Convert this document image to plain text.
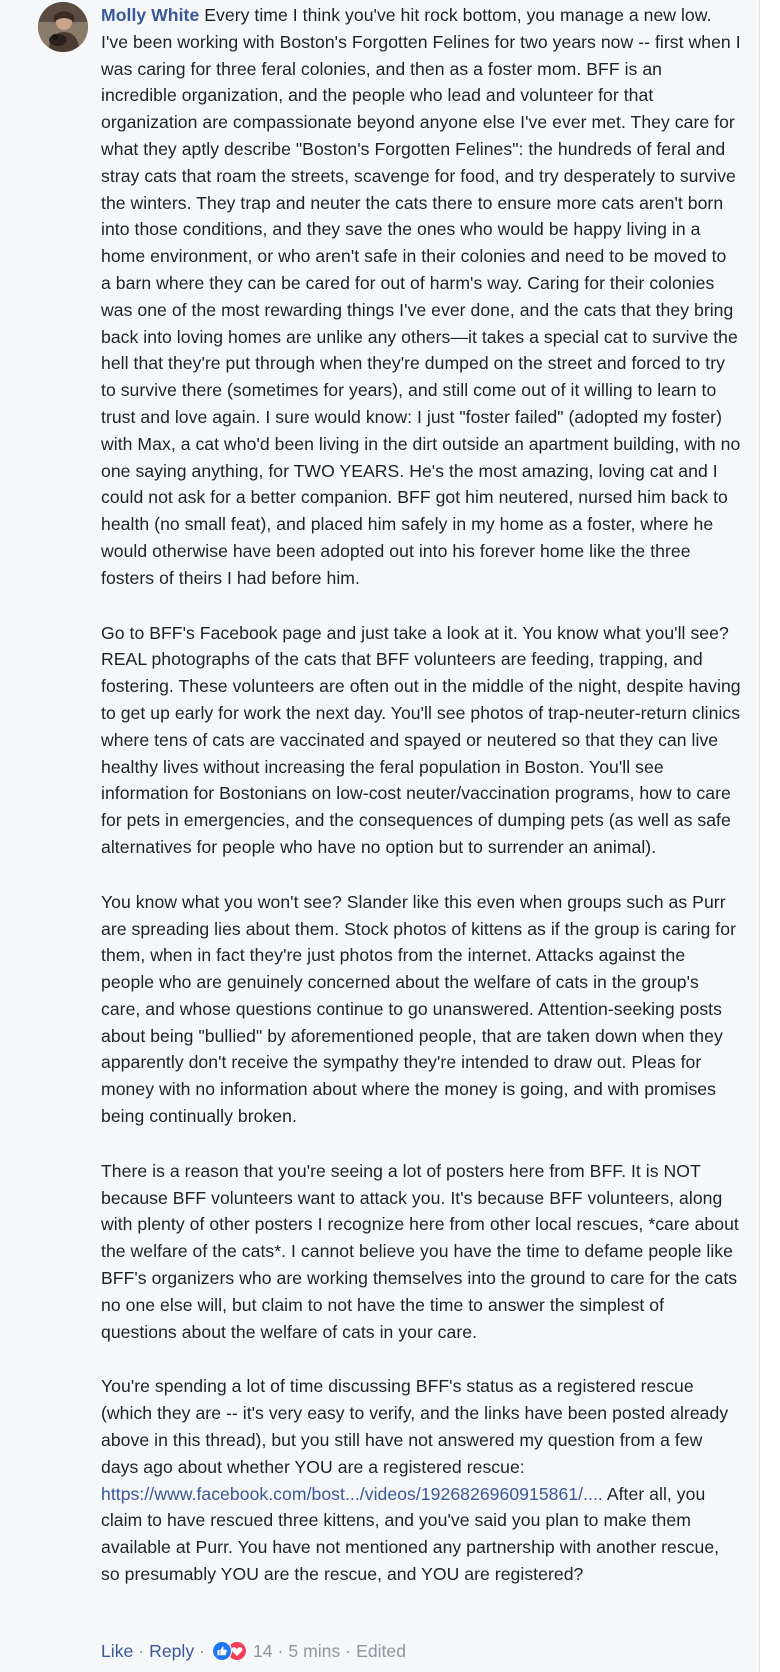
Molly White Every time I think you've hit rock bottom, you manage a new low. I've been working with Boston's Forgotten Felines for two years now -- first when I was caring for three feral colonies, and then as a foster mom. BFF is an incredible organization, and the people who lead and volunteer for that organization are compassionate beyond anyone else I've ever met. They care for what they aptly describe "Boston's Forgotten Felines": the hundreds of feral and stray cats that roam the streets, scavenge for food, and try desperately to survive the winters. They trap and neuter the cats there to ensure more cats aren't born into those conditions, and they save the ones who would be happy living in a home environment, or who aren't safe in their colonies and need to be moved to a barn where they can be cared for out of harm's way. Caring for their colonies was one of the most rewarding things I've ever done, and the cats that they bring back into loving homes are unlike any others—it takes a special cat to survive the hell that they're put through when they're dumped on the street and forced to try to survive there (sometimes for years), and still come out of it willing to learn to trust and love again. I sure would know: I just "foster failed" (adopted my foster) with Max, a cat who'd been living in the dirt outside an apartment building, with no one saying anything, for TWO YEARS. He's the most amazing, loving cat and I could not ask for a better companion. BFF got him neutered, nursed him back to health (no small feat), and placed him safely in my home as a foster, where he would otherwise have been adopted out into his forever home like the three fosters of theirs I had before him.

Go to BFF's Facebook page and just take a look at it. You know what you'll see? REAL photographs of the cats that BFF volunteers are feeding, trapping, and fostering. These volunteers are often out in the middle of the night, despite having to get up early for work the next day. You'll see photos of trap-neuter-return clinics where tens of cats are vaccinated and spayed or neutered so that they can live healthy lives without increasing the feral population in Boston. You'll see information for Bostonians on low-cost neuter/vaccination programs, how to care for pets in emergencies, and the consequences of dumping pets (as well as safe alternatives for people who have no option but to surrender an animal).

You know what you won't see? Slander like this even when groups such as Purr are spreading lies about them. Stock photos of kittens as if the group is caring for them, when in fact they're just photos from the internet. Attacks against the people who are genuinely concerned about the welfare of cats in the group's care, and whose questions continue to go unanswered. Attention-seeking posts about being "bullied" by aforementioned people, that are taken down when they apparently don't receive the sympathy they're intended to draw out. Pleas for money with no information about where the money is going, and with promises being continually broken.

There is a reason that you're seeing a lot of posters here from BFF. It is NOT because BFF volunteers want to attack you. It's because BFF volunteers, along with plenty of other posters I recognize here from other local rescues, *care about the welfare of the cats*. I cannot believe you have the time to defame people like BFF's organizers who are working themselves into the ground to care for the cats no one else will, but claim to not have the time to answer the simplest of questions about the welfare of cats in your care.

You're spending a lot of time discussing BFF's status as a registered rescue (which they are -- it's very easy to verify, and the links have been posted already above in this thread), but you still have not answered my question from a few days ago about whether YOU are a registered rescue: https://www.facebook.com/bost.../videos/1926826960915861/.... After all, you claim to have rescued three kittens, and you've said you plan to make them available at Purr. You have not mentioned any partnership with another rescue, so presumably YOU are the rescue, and YOU are registered?

Like · Reply ·	14 · 5 mins · Edited
